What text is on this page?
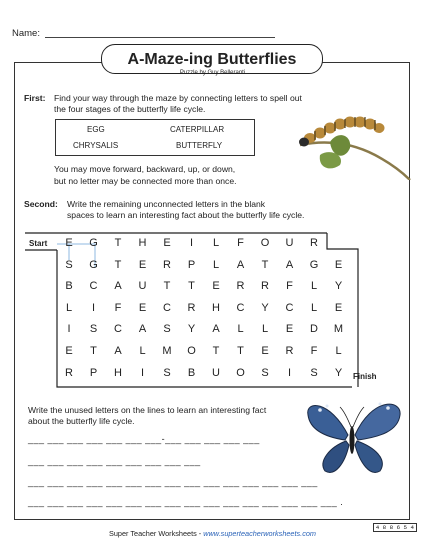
Name:
A-Maze-ing Butterflies
Puzzle by Guy Belleranti
First: Find your way through the maze by connecting letters to spell out
the four stages of the butterfly life cycle.
EGG	CATERPILLAR
CHRYSALIS	BUTTERFLY
You may move forward, backward, up, or down,
but no letter may be connected more than once.
Second: Write the remaining unconnected letters in the blank
spaces to learn an interesting fact about the butterfly life cycle.
Start
Finish
E	G	T	H	E	I	L	F	O U R
S	G	T	E	R	P	L	A	T	A	G	E
B	C	A	U	T	T	E	R R	F	L	Y
L	I	F	E	C R H C	Y	C	L	E
I	S	C	A	S	Y	A	L	L	E	D M
E	T	A	L	M O	T	T	E	R	F	L
R	P	H	I	S	B	U O	S	I	S	Y
Write the unused letters on the lines to learn an interesting fact
about the butterfly life cycle.
___ ___ ___ ___ ___ ___ ___-___ ___ ___ ___ ___
___ ___ ___ ___ ___ ___ ___ ___ ___
___ ___ ___ ___ ___ ___ ___ ___ ___ ___ ___ ___ ___ ___ ___
___ ___ ___ ___ ___ ___ ___ ___ ___ ___ ___ ___ ___ ___ ___ ___ .
Super Teacher Worksheets - www.superteacherworksheets.com
4 8 8 6 5 4
